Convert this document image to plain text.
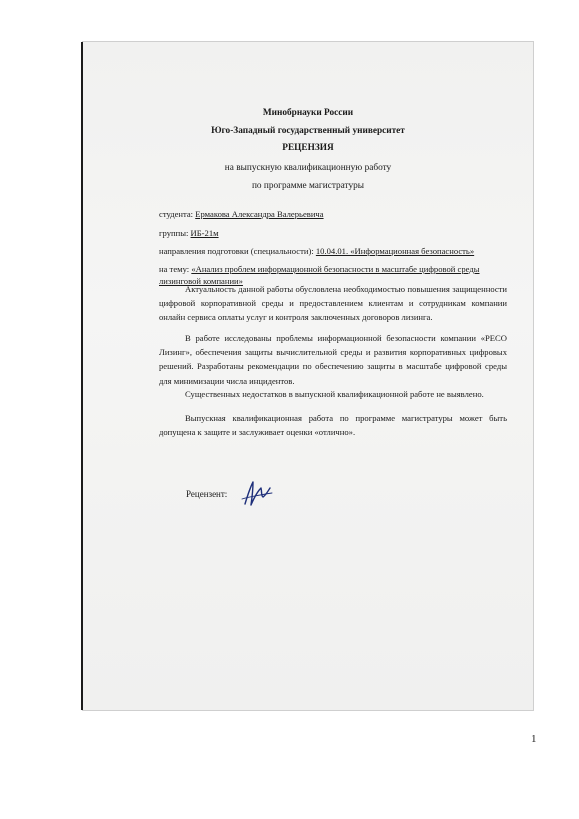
Минобрнауки России
Юго-Западный государственный университет
РЕЦЕНЗИЯ
на выпускную квалификационную работу
по программе магистратуры
студента: Ермакова Александра Валерьевича
группы: ИБ-21м
направления подготовки (специальности): 10.04.01. «Информационная безопасность»
на тему: «Анализ проблем информационной безопасности в масштабе цифровой среды лизинговой компании»
Актуальность данной работы обусловлена необходимостью повышения защищенности цифровой корпоративной среды и предоставлением клиентам и сотрудникам компании онлайн сервиса оплаты услуг и контроля заключенных договоров лизинга.
В работе исследованы проблемы информационной безопасности компании «РЕСО Лизинг», обеспечения защиты вычислительной среды и развития корпоративных цифровых решений. Разработаны рекомендации по обеспечению защиты в масштабе цифровой среды для минимизации числа инцидентов.
Существенных недостатков в выпускной квалификационной работе не выявлено.
Выпускная квалификационная работа по программе магистратуры может быть допущена к защите и заслуживает оценки «отлично».
Рецензент:
1
